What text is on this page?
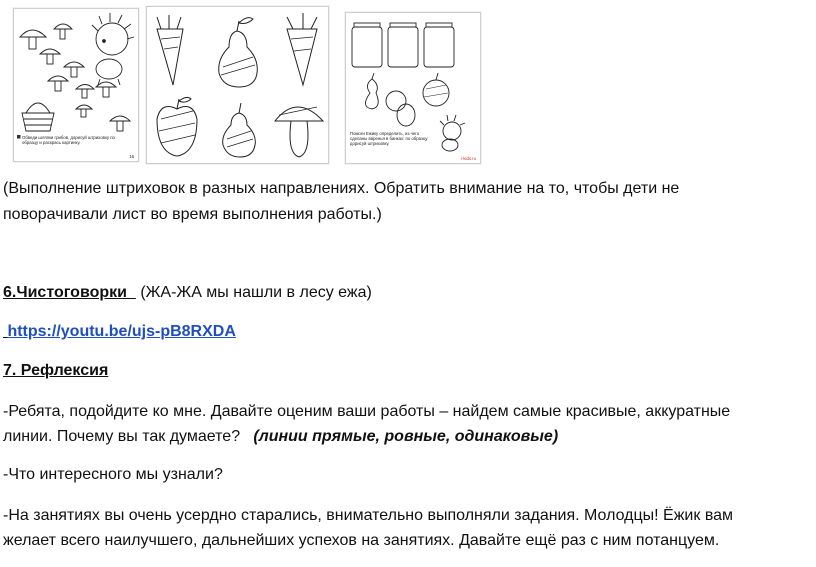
Обведи шляпки грибов, дорисуй штриховку по образцу и раскрась картинку.
16
Помоги Ежику определить, из чего сделаны варенья в банках: по образцу дорисуй штриховку.
i-kids.ru

(Выполнение штриховок в разных направлениях. Обратить внимание на то, чтобы дети не

поворачивали лист во время выполнения работы.)

6.Чистоговорки (ЖА-ЖА мы нашли в лесу ежа)

https://youtu.be/ujs-pB8RXDA

7. Рефлексия

-Ребята, подойдите ко мне. Давайте оценим ваши работы – найдем самые красивые, аккуратные

линии. Почему вы так думаете?   (линии прямые, ровные, одинаковые)

-Что интересного мы узнали?

-На занятиях вы очень усердно старались, внимательно выполняли задания. Молодцы! Ёжик вам

желает всего наилучшего, дальнейших успехов на занятиях. Давайте ещё раз с ним потанцуем.
